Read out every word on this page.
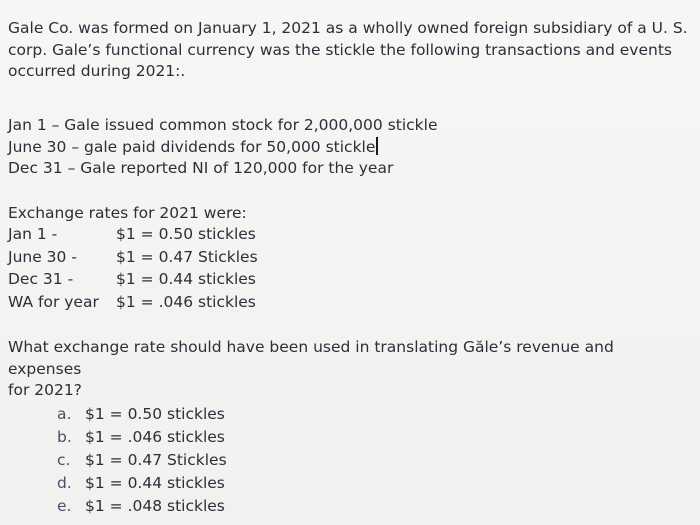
Gale Co. was formed on January 1, 2021 as a wholly owned foreign subsidiary of a U. S.

corp. Gale’s functional currency was the stickle the following transactions and events

occurred during 2021:.

Jan 1 – Gale issued common stock for 2,000,000 stickle
June 30 – gale paid dividends for 50,000 stickle
Dec 31 – Gale reported NI of 120,000 for the year
Exchange rates for 2021 were:
Jan 1 -	$1 = 0.50 stickles
June 30 -	$1 = 0.47 Stickles
Dec 31 -	$1 = 0.44 stickles
WA for year	$1 = .046 stickles
What exchange rate should have been used in translating Găle’s revenue and expenses
for 2021?
a. $1 = 0.50 stickles
b. $1 = .046 stickles
c. $1 = 0.47 Stickles
d. $1 = 0.44 stickles
e. $1 = .048 stickles
